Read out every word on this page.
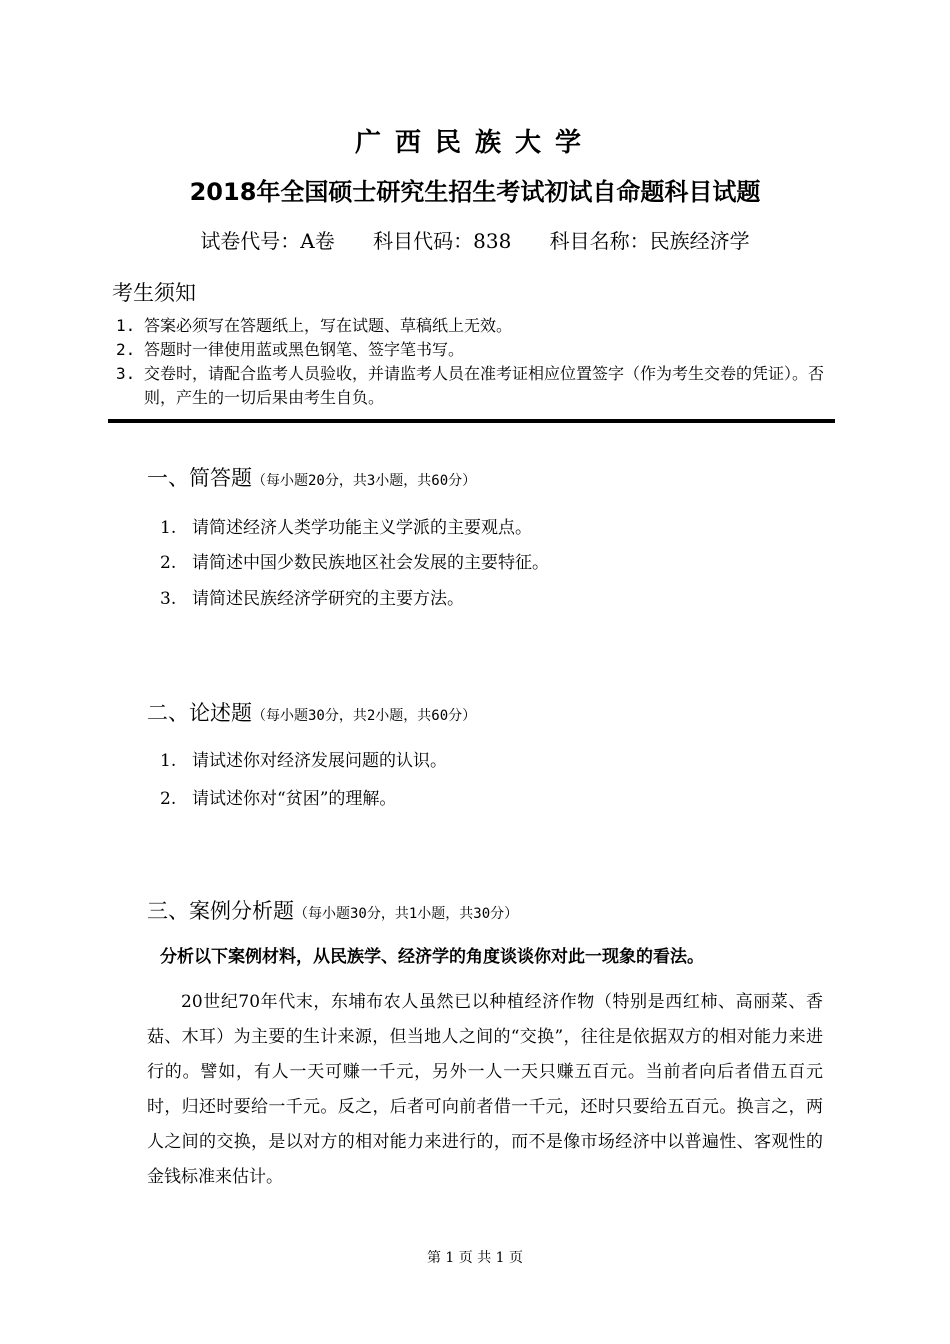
广西民族大学
2018年全国硕士研究生招生考试初试自命题科目试题
试卷代号：A卷 科目代码：838 科目名称：民族经济学
考生须知
1. 答案必须写在答题纸上，写在试题、草稿纸上无效。
2. 答题时一律使用蓝或黑色钢笔、签字笔书写。
3. 交卷时，请配合监考人员验收，并请监考人员在准考证相应位置签字（作为考生交卷的凭证）。否则，产生的一切后果由考生自负。
一、简答题（每小题20分，共3小题，共60分）
1. 请简述经济人类学功能主义学派的主要观点。
2. 请简述中国少数民族地区社会发展的主要特征。
3. 请简述民族经济学研究的主要方法。
二、论述题（每小题30分，共2小题，共60分）
1. 请试述你对经济发展问题的认识。
2. 请试述你对“贫困”的理解。
三、案例分析题（每小题30分，共1小题，共30分）
分析以下案例材料，从民族学、经济学的角度谈谈你对此一现象的看法。

20世纪70年代末，东埔布农人虽然已以种植经济作物（特别是西红柿、高丽菜、香菇、木耳）为主要的生计来源，但当地人之间的“交换”，往往是依据双方的相对能力来进行的。譬如，有人一天可赚一千元，另外一人一天只赚五百元。当前者向后者借五百元时，归还时要给一千元。反之，后者可向前者借一千元，还时只要给五百元。换言之，两人之间的交换，是以对方的相对能力来进行的，而不是像市场经济中以普遍性、客观性的金钱标准来估计。

第 1 页 共 1 页
